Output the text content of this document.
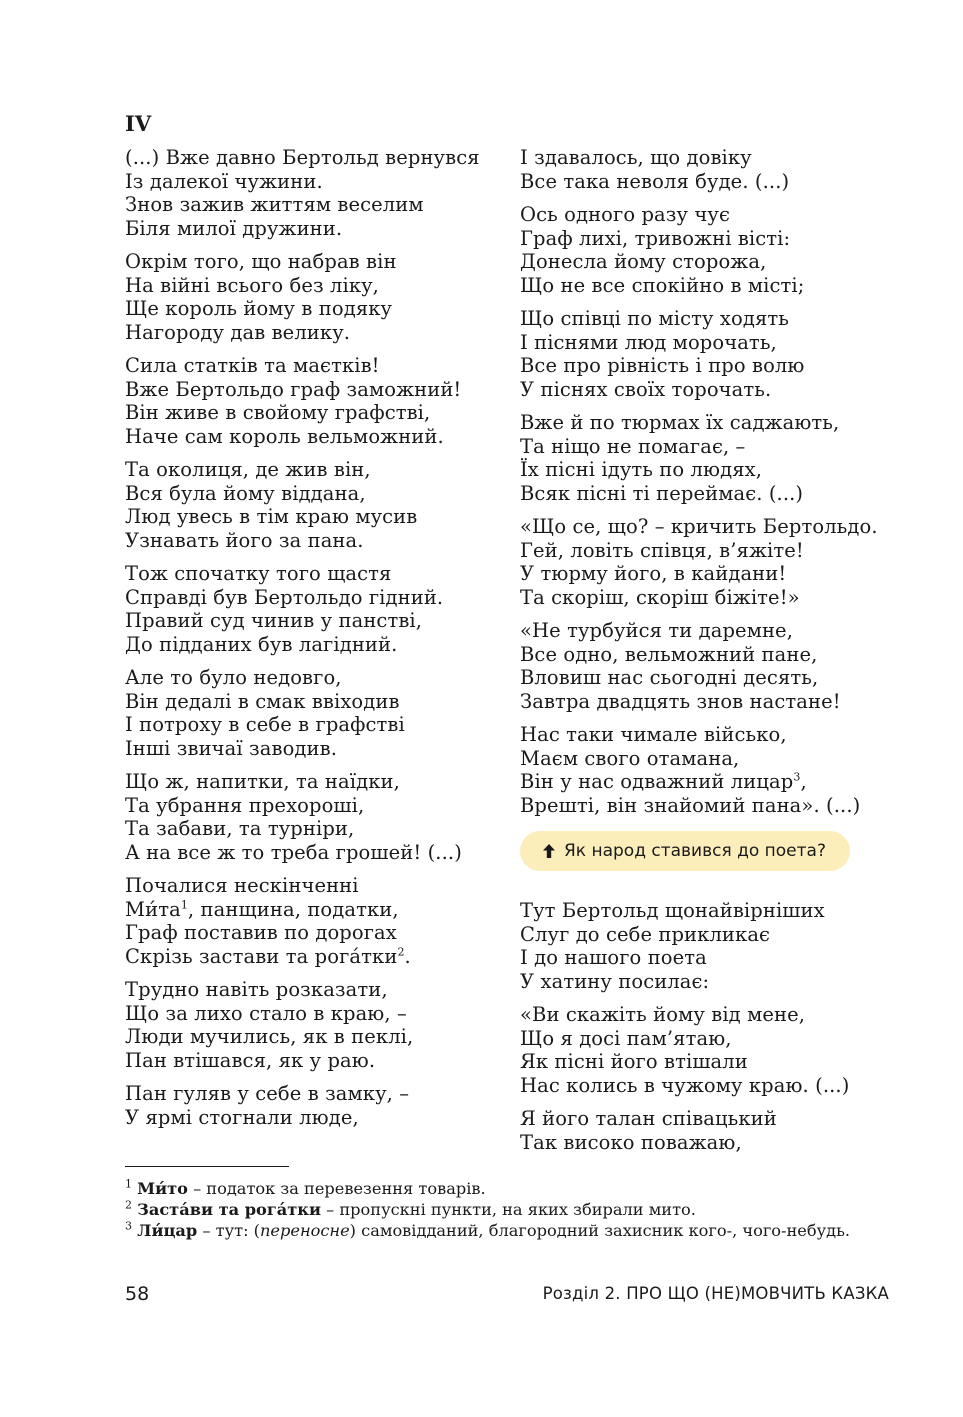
IV
(...) Вже давно Бертольд вернувся
Із далекої чужини.
Знов зажив життям веселим
Біля милої дружини.
Окрім того, що набрав він
На війні всього без ліку,
Ще король йому в подяку
Нагороду дав велику.
Сила статків та маєтків!
Вже Бертольдо граф заможний!
Він живе в свойому графстві,
Наче сам король вельможний.
Та околиця, де жив він,
Вся була йому віддана,
Люд увесь в тім краю мусив
Узнавать його за пана.
Тож спочатку того щастя
Справді був Бертольдо гідний.
Правий суд чинив у панстві,
До підданих був лагідний.
Але то було недовго,
Він дедалі в смак ввіходив
І потроху в себе в графстві
Інші звичаї заводив.
Що ж, напитки, та наїдки,
Та убрання прехороші,
Та забави, та турніри,
А на все ж то треба грошей! (...)
Почалися нескінченні
Мита$^1$, панщина, податки,
Граф поставив по дорогах
Скрізь застави та рогатки$^2$.
Трудно навіть розказати,
Що за лихо стало в краю, –
Люди мучились, як в пеклі,
Пан втішався, як у раю.
Пан гуляв у себе в замку, –
У ярмі стогнали люде,
І здавалось, що довіку
Все така неволя буде. (...)
Ось одного разу чує
Граф лихі, тривожні вісті:
Донесла йому сторожа,
Що не все спокійно в місті;
Що співці по місту ходять
І піснями люд морочать,
Все про рівність і про волю
У піснях своїх торочать.
Вже й по тюрмах їх саджають,
Та ніщо не помагає, –
Їх пісні ідуть по людях,
Всяк пісні ті переймає. (...)
«Що се, що? – кричить Бертольдо.
Гей, ловіть співця, в’яжіте!
У тюрму його, в кайдани!
Та скоріш, скоріш біжіте!»
«Не турбуйся ти даремне,
Все одно, вельможний пане,
Вловиш нас сьогодні десять,
Завтра двадцять знов настане!
Нас таки чимале військо,
Маєм свого отамана,
Він у нас одважний лицар$^3$,
Врешті, він знайомий пана». (...)
Як народ ставився до поета?
Тут Бертольд щонайвірніших
Слуг до себе прикликає
І до нашого поета
У хатину посилає:
«Ви скажіть йому від мене,
Що я досі пам’ятаю,
Як пісні його втішали
Нас колись в чужому краю. (...)
Я його талан співацький
Так високо поважаю,

$^1$ Ми́то – податок за перевезення товарів.

$^2$ Заста́ви та рога́тки – пропускні пункти, на яких збирали мито.

$^3$ Ли́цар – тут: (переносне) самовідданий, благородний захисник кого-, чого-небудь.

58	Розділ 2. ПРО ЩО (НЕ)МОВЧИТЬ КАЗКА
